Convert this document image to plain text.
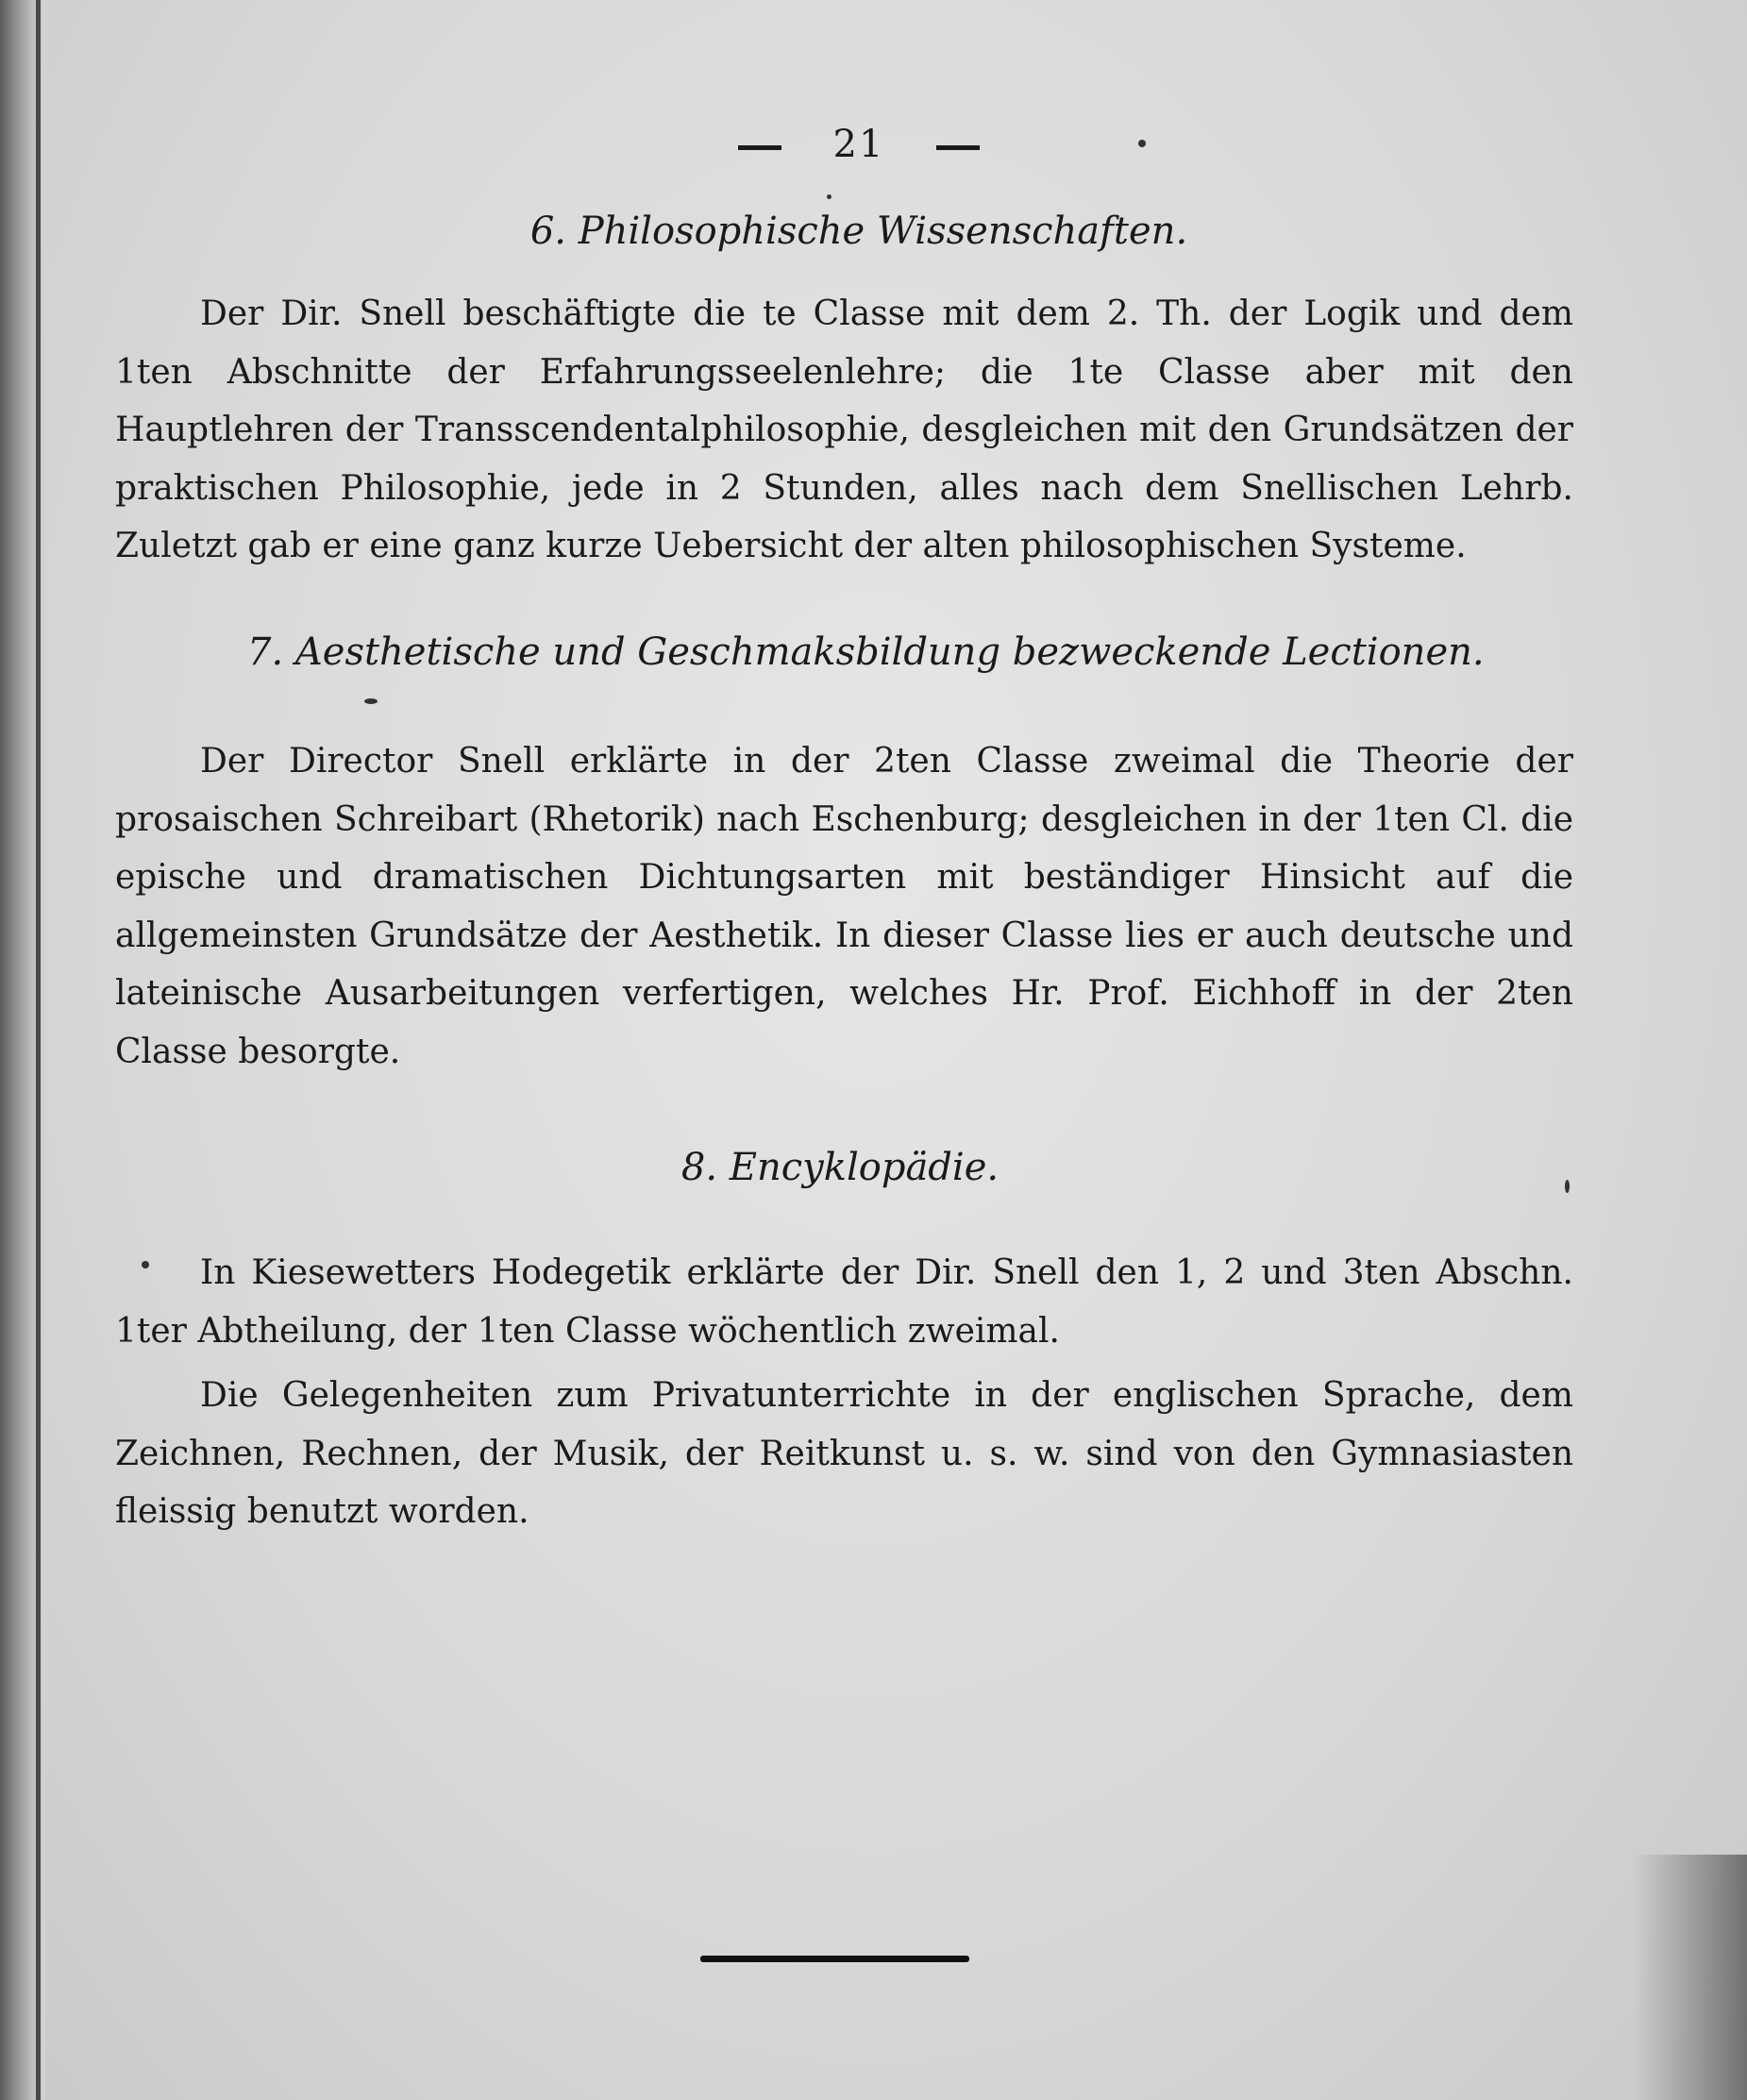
21
6. Philosophische Wissenschaften.
Der Dir. Snell beschäftigte die te Classe mit dem 2. Th. der Logik und dem 1ten Abschnitte der Erfahrungsseelenlehre; die 1te Classe aber mit den Hauptlehren der Transscendentalphilosophie, desgleichen mit den Grundsätzen der praktischen Philosophie, jede in 2 Stunden, alles nach dem Snellischen Lehrb. Zuletzt gab er eine ganz kurze Uebersicht der alten philosophischen Systeme.
7. Aesthetische und Geschmaksbildung bezweckende Lectionen.
Der Director Snell erklärte in der 2ten Classe zweimal die Theorie der prosaischen Schreibart (Rhetorik) nach Eschenburg; desgleichen in der 1ten Cl. die epische und dramatischen Dichtungsarten mit beständiger Hinsicht auf die allgemeinsten Grundsätze der Aesthetik. In dieser Classe lies er auch deutsche und lateinische Ausarbeitungen verfertigen, welches Hr. Prof. Eichhoff in der 2ten Classe besorgte.
8. Encyklopädie.
In Kiesewetters Hodegetik erklärte der Dir. Snell den 1, 2 und 3ten Abschn. 1ter Abtheilung, der 1ten Classe wöchentlich zweimal.
Die Gelegenheiten zum Privatunterrichte in der englischen Sprache, dem Zeichnen, Rechnen, der Musik, der Reitkunst u. s. w. sind von den Gymnasiasten fleissig benutzt worden.
